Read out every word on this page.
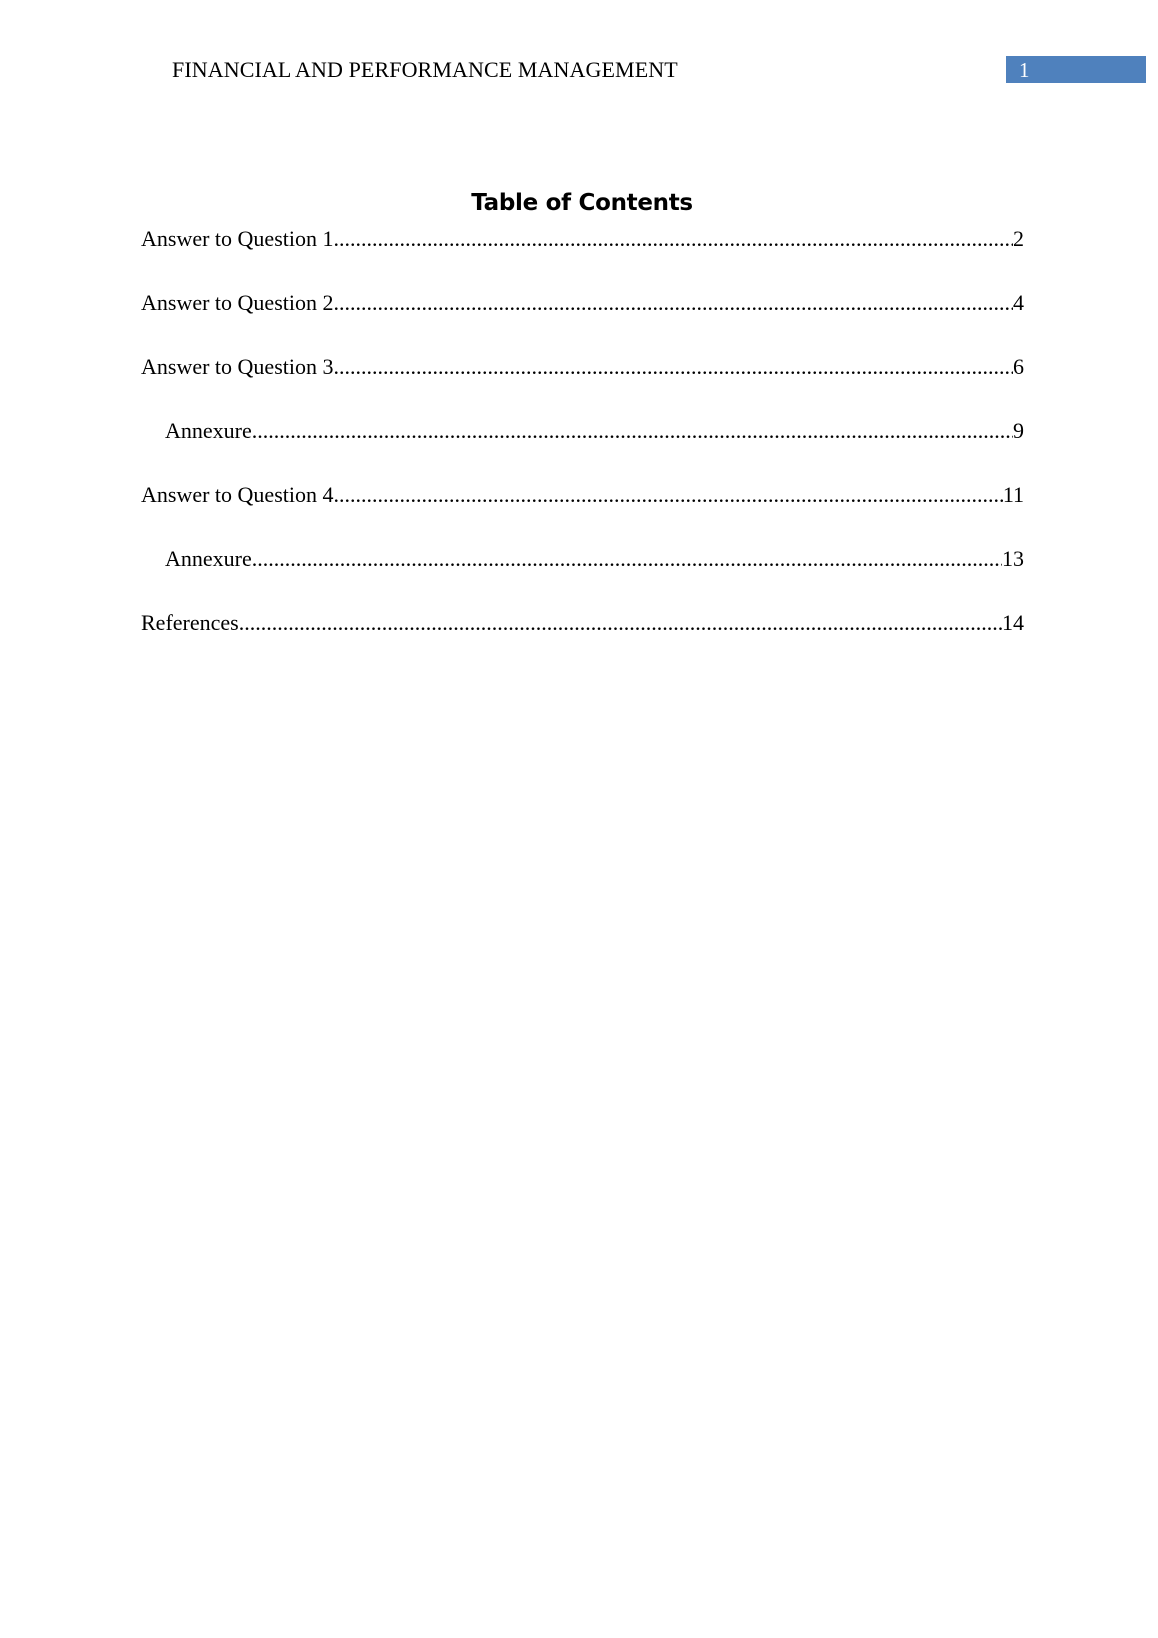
FINANCIAL AND PERFORMANCE MANAGEMENT	1
Table of Contents
Answer to Question 1 .....	2
Answer to Question 2 .....	4
Answer to Question 3 .....	6
Annexure .....	9
Answer to Question 4 .....	11
Annexure .....	13
References .....	14
